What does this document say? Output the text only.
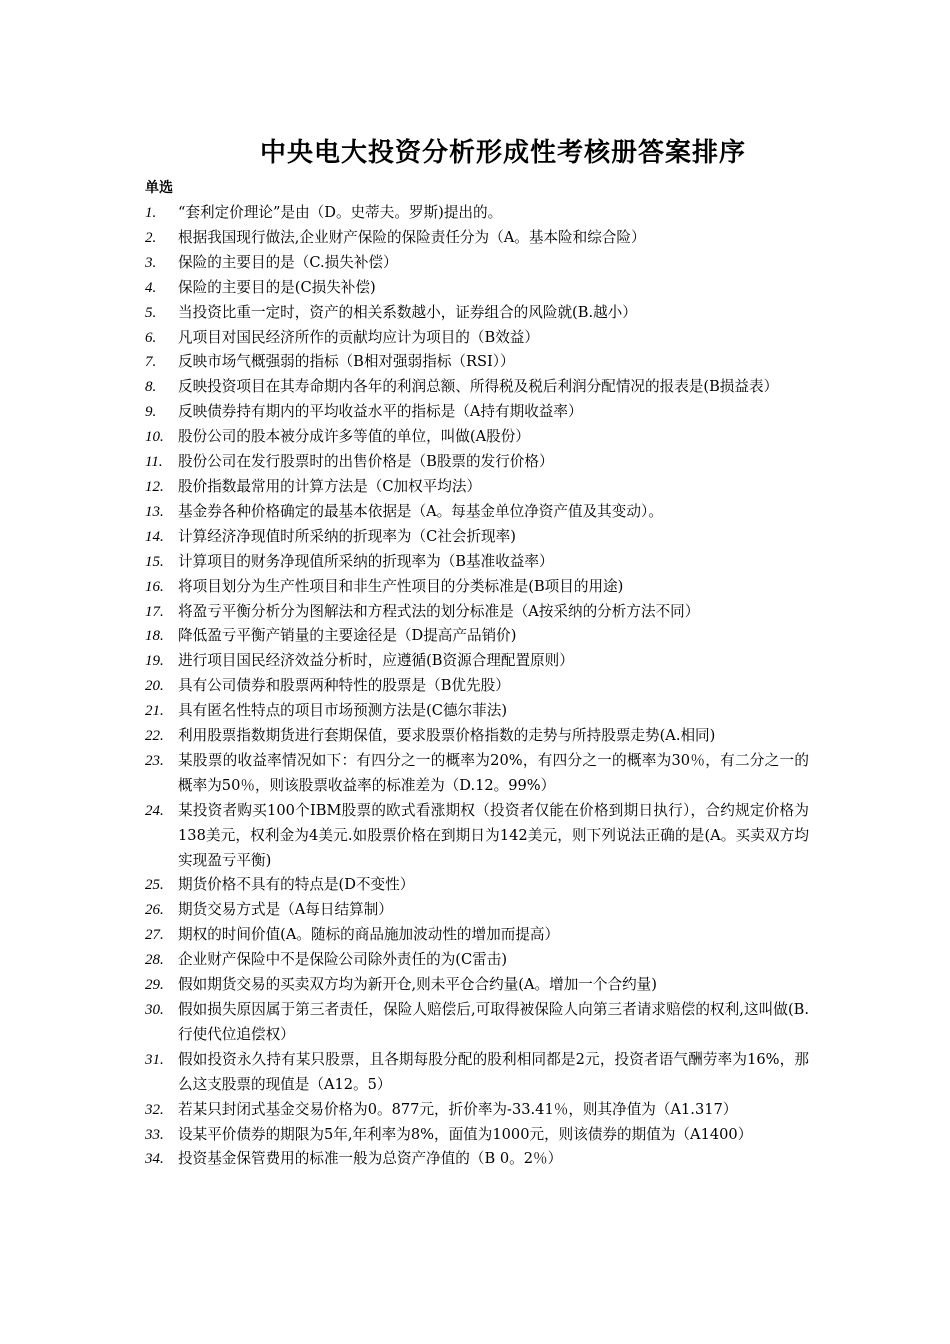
中央电大投资分析形成性考核册答案排序
单选
1.	“套利定价理论”是由（D。史蒂夫。罗斯)提出的。
2.	根据我国现行做法,企业财产保险的保险责任分为（A。基本险和综合险）
3.	保险的主要目的是（C.损失补偿）
4.	保险的主要目的是(C损失补偿)
5.	当投资比重一定时，资产的相关系数越小，证券组合的风险就(B.越小）
6.	凡项目对国民经济所作的贡献均应计为项目的（B效益）
7.	反映市场气概强弱的指标（B相对强弱指标（RSI））
8.	反映投资项目在其寿命期内各年的利润总额、所得税及税后利润分配情况的报表是(B损益表）
9.	反映债券持有期内的平均收益水平的指标是（A持有期收益率）
10. 股份公司的股本被分成许多等值的单位，叫做(A股份）
11.	股份公司在发行股票时的出售价格是（B股票的发行价格）
12. 股价指数最常用的计算方法是（C加权平均法）
13. 基金券各种价格确定的最基本依据是（A。每基金单位净资产值及其变动）。
14. 计算经济净现值时所采纳的折现率为（C社会折现率)
15. 计算项目的财务净现值所采纳的折现率为（B基准收益率）
16. 将项目划分为生产性项目和非生产性项目的分类标准是(B项目的用途)
17. 将盈亏平衡分析分为图解法和方程式法的划分标准是（A按采纳的分析方法不同）
18. 降低盈亏平衡产销量的主要途径是（D提高产品销价)
19. 进行项目国民经济效益分析时，应遵循(B资源合理配置原则）
20. 具有公司债券和股票两种特性的股票是（B优先股）
21. 具有匿名性特点的项目市场预测方法是(C德尔菲法)
22. 利用股票指数期货进行套期保值，要求股票价格指数的走势与所持股票走势(A.相同)
23. 某股票的收益率情况如下：有四分之一的概率为20%，有四分之一的概率为30％，有二分之一的概率为50％，则该股票收益率的标准差为（D.12。99%）
24. 某投资者购买100个IBM股票的欧式看涨期权（投资者仅能在价格到期日执行），合约规定价格为138美元，权利金为4美元.如股票价格在到期日为142美元，则下列说法正确的是(A。买卖双方均实现盈亏平衡)
25. 期货价格不具有的特点是(D不变性）
26. 期货交易方式是（A每日结算制）
27. 期权的时间价值(A。随标的商品施加波动性的增加而提高）
28. 企业财产保险中不是保险公司除外责任的为(C雷击)
29. 假如期货交易的买卖双方均为新开仓,则未平仓合约量(A。增加一个合约量)
30. 假如损失原因属于第三者责任，保险人赔偿后,可取得被保险人向第三者请求赔偿的权利,这叫做(B.行使代位追偿权）
31. 假如投资永久持有某只股票，且各期每股分配的股利相同都是2元，投资者语气酬劳率为16%，那么这支股票的现值是（A12。5）
32. 若某只封闭式基金交易价格为0。877元，折价率为-33.41％，则其净值为（A1.317）
33. 设某平价债券的期限为5年,年利率为8%，面值为1000元，则该债券的期值为（A1400）
34. 投资基金保管费用的标准一般为总资产净值的（B 0。2％）
